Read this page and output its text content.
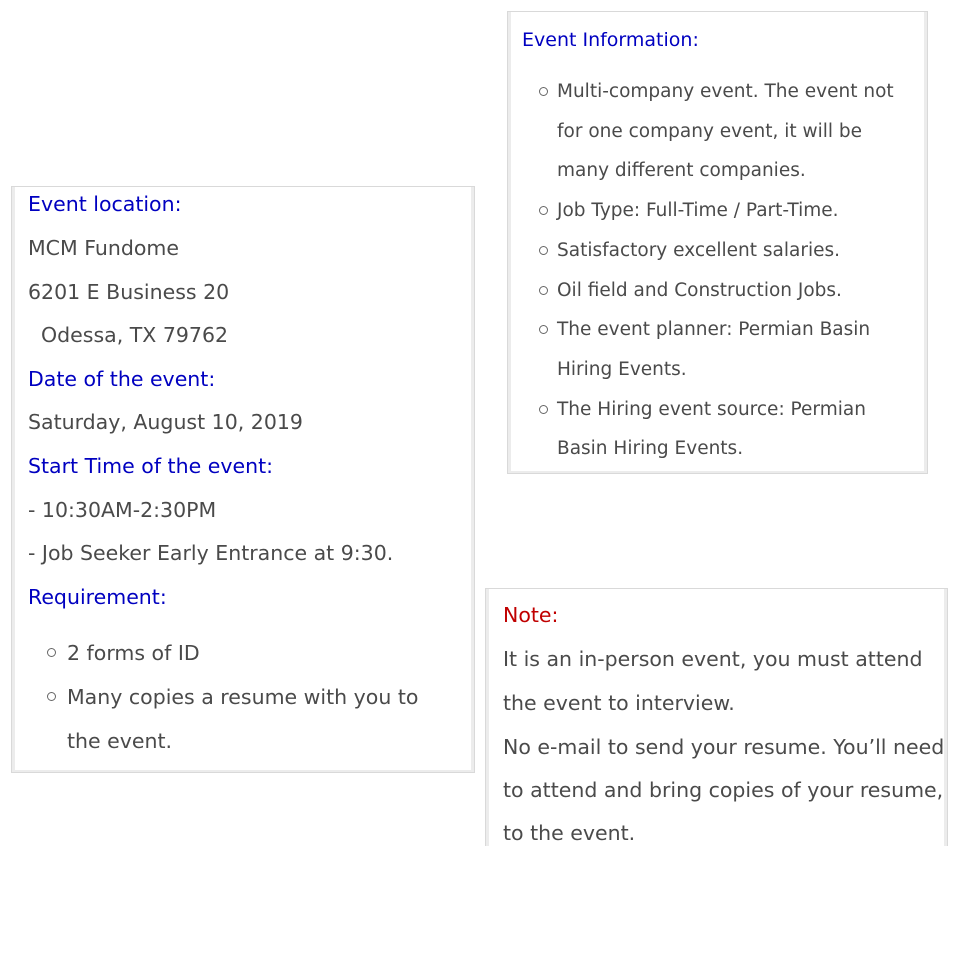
Event Information:
Multi-company event. The event not for one company event, it will be many different companies.
Job Type: Full-Time / Part-Time.
Satisfactory excellent salaries.
Oil field and Construction Jobs.
The event planner: Permian Basin Hiring Events.
The Hiring event source: Permian Basin Hiring Events.
Event location:
MCM Fundome
6201 E Business 20
Odessa, TX 79762
Date of the event:
Saturday, August 10, 2019
Start Time of the event:
- 10:30AM-2:30PM
- Job Seeker Early Entrance at 9:30.
Requirement:
2 forms of ID
Many copies a resume with you to the event.
Note:
It is an in-person event, you must attend
the event to interview.
No e-mail to send your resume. You’ll need
to attend and bring copies of your resume,
to the event.
